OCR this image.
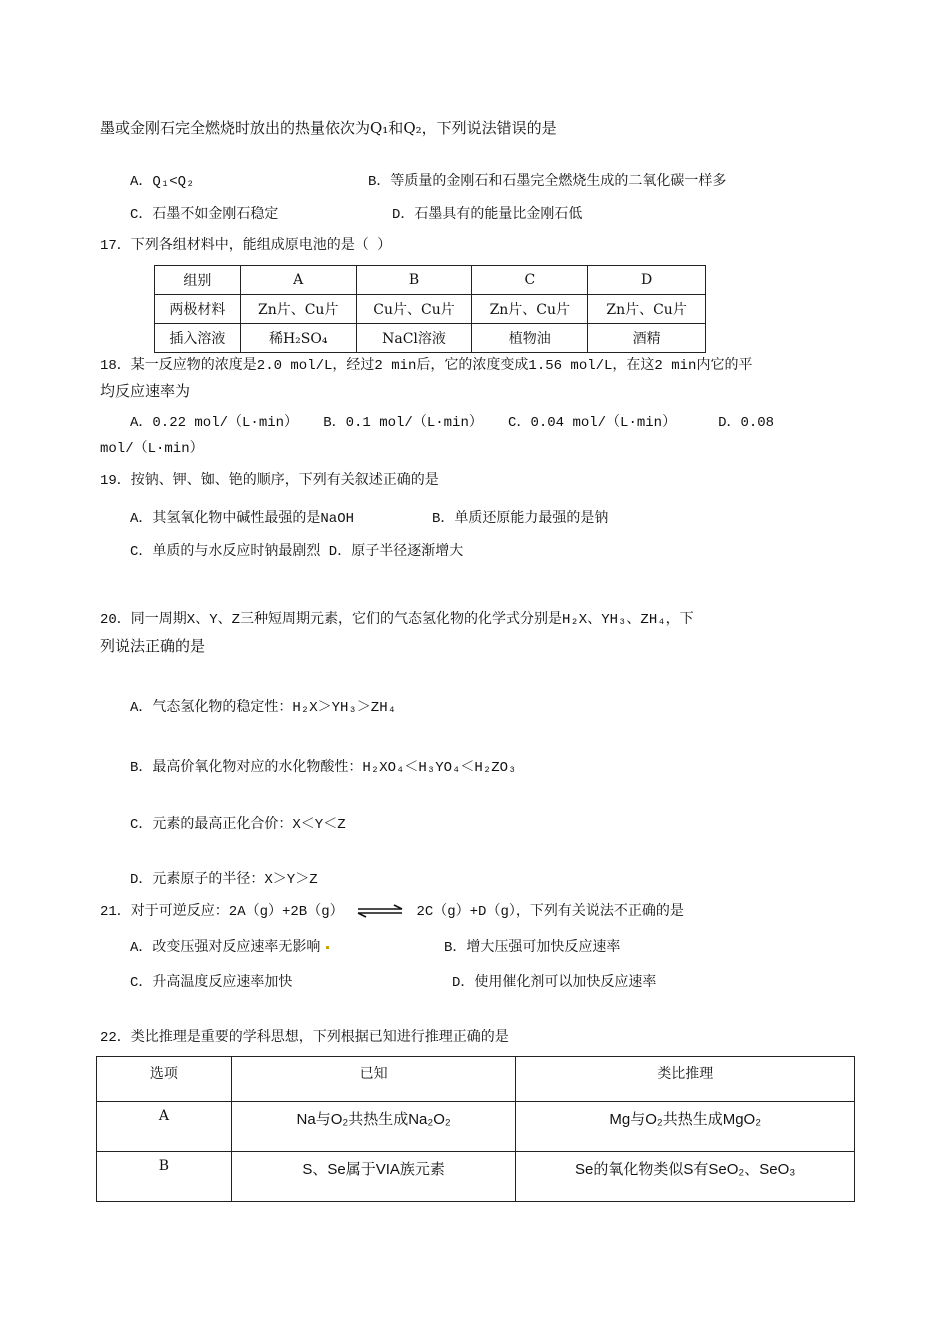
墨或金刚石完全燃烧时放出的热量依次为Q₁和Q₂，下列说法错误的是
A．Q₁<Q₂	B．等质量的金刚石和石墨完全燃烧生成的二氧化碳一样多
C．石墨不如金刚石稳定	D．石墨具有的能量比金刚石低
17．下列各组材料中，能组成原电池的是（ ）
组别	A	B	C	D
两极材料	Zn片、Cu片	Cu片、Cu片	Zn片、Cu片	Zn片、Cu片
插入溶液	稀H₂SO₄	NaCl溶液	植物油	酒精
18．某一反应物的浓度是2.0 mol/L，经过2 min后，它的浓度变成1.56 mol/L，在这2 min内它的平
均反应速率为
A．0.22 mol/（L·min）   B．0.1 mol/（L·min）   C．0.04 mol/（L·min）     D．0.08
mol/（L·min）
19．按钠、钾、铷、铯的顺序，下列有关叙述正确的是
A．其氢氧化物中碱性最强的是NaOH	B．单质还原能力最强的是钠
C．单质的与水反应时钠最剧烈 D．原子半径逐渐增大
20．同一周期X、Y、Z三种短周期元素，它们的气态氢化物的化学式分别是H₂X、YH₃、ZH₄，下
列说法正确的是
A．气态氢化物的稳定性：H₂X＞YH₃＞ZH₄
B．最高价氧化物对应的水化物酸性：H₂XO₄＜H₃YO₄＜H₂ZO₃
C．元素的最高正化合价：X＜Y＜Z
D．元素原子的半径：X＞Y＞Z
21．对于可逆反应：2A（g）+2B（g） ⇌ 2C（g）+D（g），下列有关说法不正确的是
A．改变压强对反应速率无影响	B．增大压强可加快反应速率
C．升高温度反应速率加快	D．使用催化剂可以加快反应速率
22．类比推理是重要的学科思想，下列根据已知进行推理正确的是
选项	已知	类比推理
A	Na与O₂共热生成Na₂O₂	Mg与O₂共热生成MgO₂
B	S、Se属于VIA族元素	Se的氧化物类似S有SeO₂、SeO₃
